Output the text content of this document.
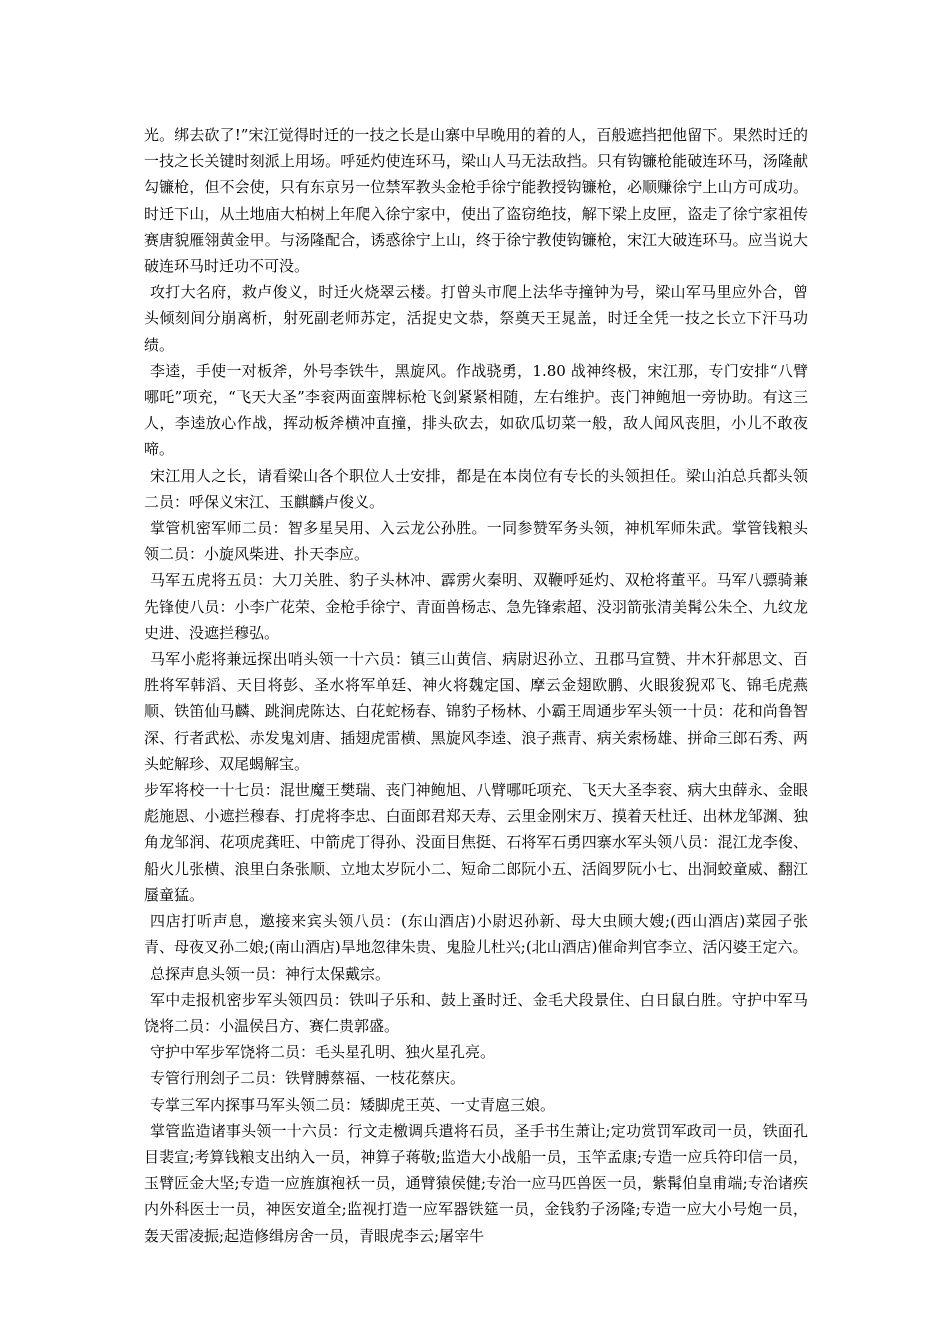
光。绑去砍了!”宋江觉得时迁的一技之长是山寨中早晚用的着的人，百般遮挡把他留下。果然时迁的一技之长关键时刻派上用场。呼延灼使连环马，梁山人马无法敌挡。只有钩镰枪能破连环马，汤隆献勾镰枪，但不会使，只有东京另一位禁军教头金枪手徐宁能教授钩镰枪，必顺赚徐宁上山方可成功。时迁下山，从土地庙大柏树上年爬入徐宁家中，使出了盗窃绝技，解下梁上皮匣，盗走了徐宁家祖传赛唐貌雁翎黄金甲。与汤隆配合，诱惑徐宁上山，终于徐宁教使钩镰枪，宋江大破连环马。应当说大破连环马时迁功不可没。

攻打大名府，救卢俊义，时迁火烧翠云楼。打曾头市爬上法华寺撞钟为号，梁山军马里应外合，曾头倾刻间分崩离析，射死副老师苏定，活捉史文恭，祭奠天王晁盖，时迁全凭一技之长立下汗马功绩。

李逵，手使一对板斧，外号李铁牛，黑旋风。作战骁勇，1.80 战神终极，宋江那，专门安排“八臂哪吒”项充，“飞天大圣”李衮两面蛮牌标枪飞剑紧紧相随，左右维护。丧门神鲍旭一旁协助。有这三人，李逵放心作战，挥动板斧横冲直撞，排头砍去，如砍瓜切菜一般，敌人闻风丧胆，小儿不敢夜啼。

宋江用人之长，请看梁山各个职位人士安排，都是在本岗位有专长的头领担任。梁山泊总兵都头领二员：呼保义宋江、玉麒麟卢俊义。

掌管机密军师二员：智多星吴用、入云龙公孙胜。一同参赞军务头领，神机军师朱武。掌管钱粮头领二员：小旋风柴进、扑天李应。

马军五虎将五员：大刀关胜、豹子头林冲、霹雳火秦明、双鞭呼延灼、双枪将董平。马军八骠骑兼先锋使八员：小李广花荣、金枪手徐宁、青面兽杨志、急先锋索超、没羽箭张清美髯公朱仝、九纹龙史进、没遮拦穆弘。

马军小彪将兼远探出哨头领一十六员：镇三山黄信、病尉迟孙立、丑郡马宣赞、井木犴郝思文、百胜将军韩滔、天目将彭、圣水将军单廷、神火将魏定国、摩云金翅欧鹏、火眼狻猊邓飞、锦毛虎燕顺、铁笛仙马麟、跳涧虎陈达、白花蛇杨春、锦豹子杨林、小霸王周通步军头领一十员：花和尚鲁智深、行者武松、赤发鬼刘唐、插翅虎雷横、黑旋风李逵、浪子燕青、病关索杨雄、拼命三郎石秀、两头蛇解珍、双尾蝎解宝。

步军将校一十七员：混世魔王樊瑞、丧门神鲍旭、八臂哪吒项充、飞天大圣李衮、病大虫薛永、金眼彪施恩、小遮拦穆春、打虎将李忠、白面郎君郑天寿、云里金刚宋万、摸着天杜迁、出林龙邹渊、独角龙邹润、花项虎龚旺、中箭虎丁得孙、没面目焦挺、石将军石勇四寨水军头领八员：混江龙李俊、船火儿张横、浪里白条张顺、立地太岁阮小二、短命二郎阮小五、活阎罗阮小七、出洞蛟童威、翻江蜃童猛。

四店打听声息，邀接来宾头领八员：(东山酒店)小尉迟孙新、母大虫顾大嫂;(西山酒店)菜园子张青、母夜叉孙二娘;(南山酒店)旱地忽律朱贵、鬼脸儿杜兴;(北山酒店)催命判官李立、活闪婆王定六。

总探声息头领一员：神行太保戴宗。

军中走报机密步军头领四员：铁叫子乐和、鼓上蚤时迁、金毛犬段景住、白日鼠白胜。守护中军马饶将二员：小温侯吕方、赛仁贵郭盛。

守护中军步军饶将二员：毛头星孔明、独火星孔亮。

专管行刑刽子二员：铁臂膊蔡福、一枝花蔡庆。

专掌三军内探事马军头领二员：矮脚虎王英、一丈青扈三娘。

掌管监造诸事头领一十六员：行文走檄调兵遣将石员，圣手书生萧让;定功赏罚军政司一员，铁面孔目裴宣;考算钱粮支出纳入一员，神算子蒋敬;监造大小战船一员，玉竿孟康;专造一应兵符印信一员，玉臂匠金大坚;专造一应旌旗袍袄一员，通臂猿侯健;专治一应马匹兽医一员，紫髯伯皇甫端;专治诸疾内外科医士一员，神医安道全;监视打造一应军器铁筵一员，金钱豹子汤隆;专造一应大小号炮一员，轰天雷凌振;起造修缉房舍一员，青眼虎李云;屠宰牛
